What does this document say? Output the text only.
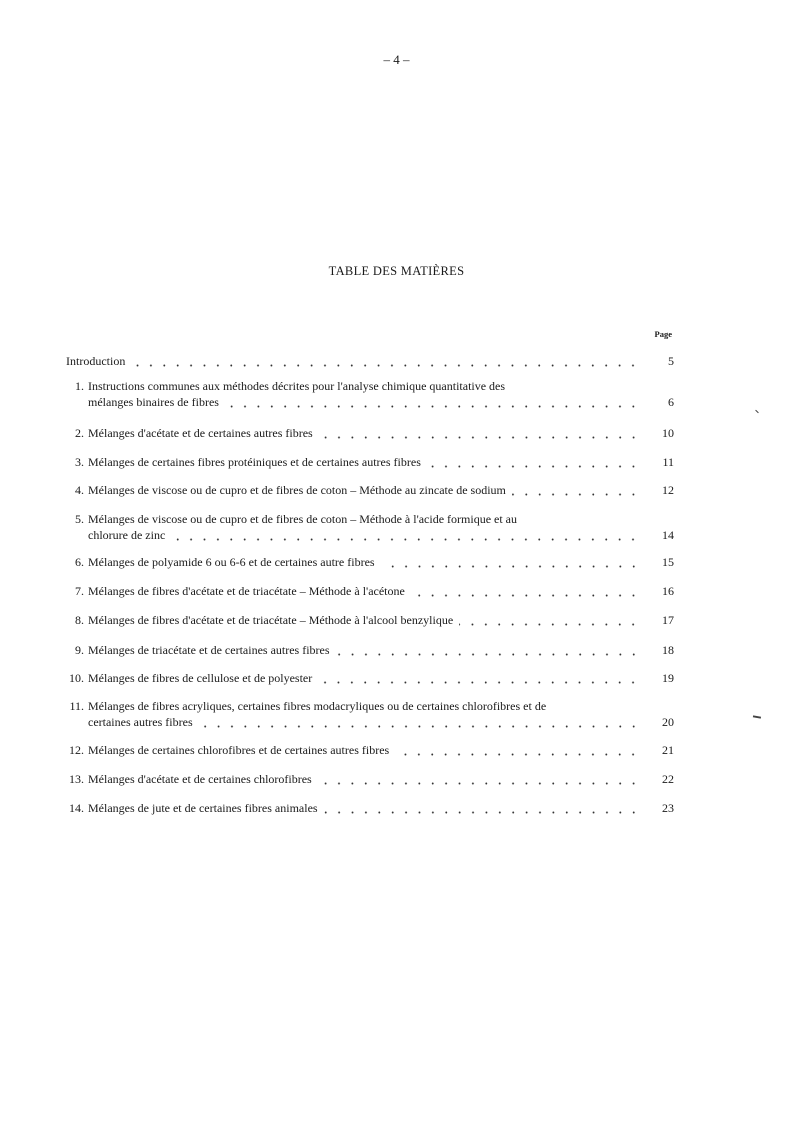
– 4 –
TABLE DES MATIÈRES
Page
Introduction	5
1. Instructions communes aux méthodes décrites pour l'analyse chimique quantitative des
mélanges binaires de fibres	6
2. Mélanges d'acétate et de certaines autres fibres	10
3. Mélanges de certaines fibres protéiniques et de certaines autres fibres	11
4. Mélanges de viscose ou de cupro et de fibres de coton – Méthode au zincate de sodium	12
5. Mélanges de viscose ou de cupro et de fibres de coton – Méthode à l'acide formique et au
chlorure de zinc	14
6. Mélanges de polyamide 6 ou 6-6 et de certaines autre fibres	15
7. Mélanges de fibres d'acétate et de triacétate – Méthode à l'acétone	16
8. Mélanges de fibres d'acétate et de triacétate – Méthode à l'alcool benzylique	17
9. Mélanges de triacétate et de certaines autres fibres	18
10. Mélanges de fibres de cellulose et de polyester	19
11. Mélanges de fibres acryliques, certaines fibres modacryliques ou de certaines chlorofibres et de
certaines autres fibres	20
12. Mélanges de certaines chlorofibres et de certaines autres fibres	21
13. Mélanges d'acétate et de certaines chlorofibres	22
14. Mélanges de jute et de certaines fibres animales	23
